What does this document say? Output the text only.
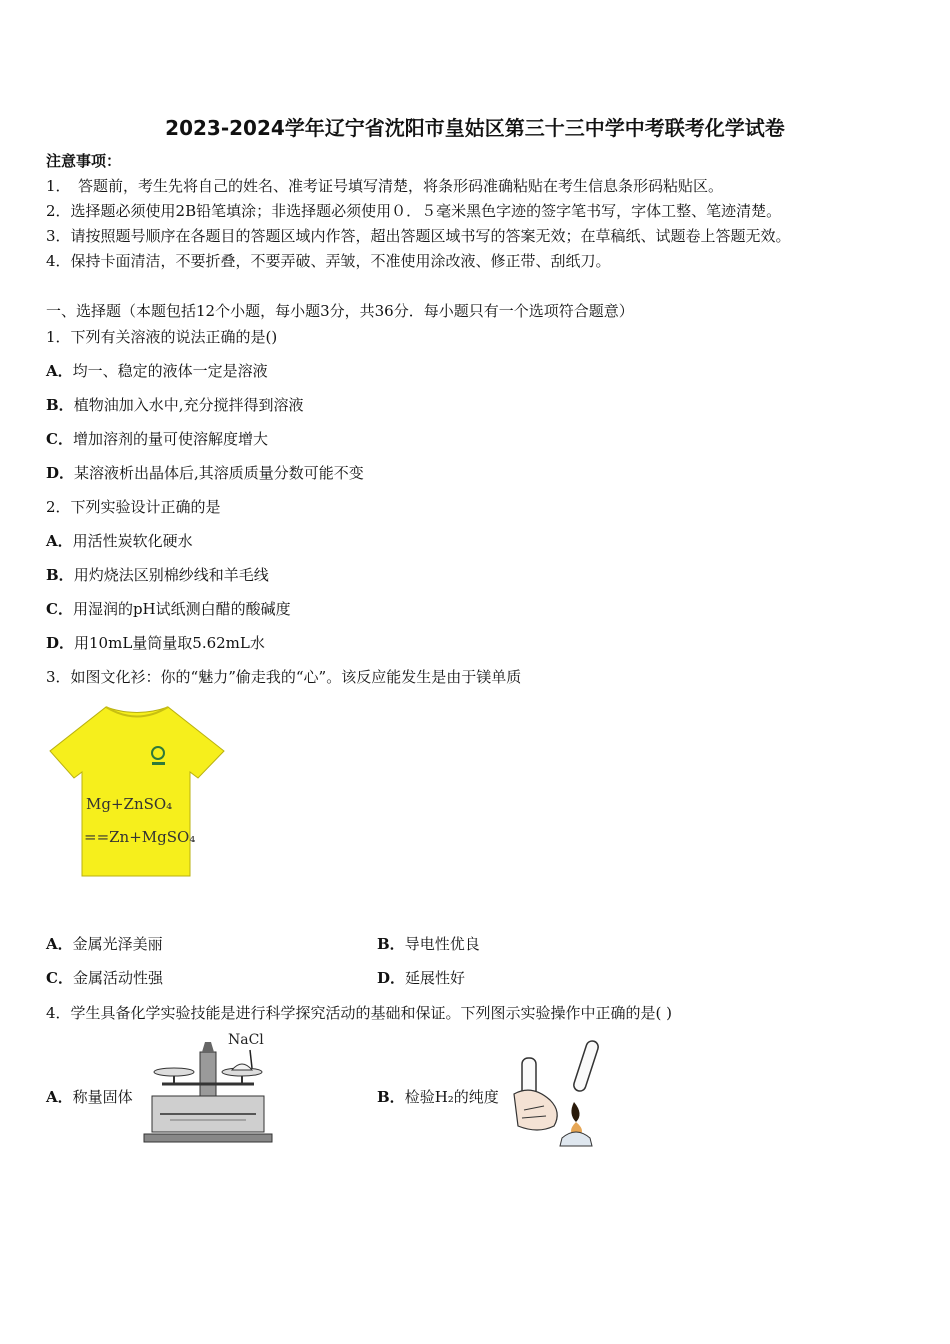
2023-2024学年辽宁省沈阳市皇姑区第三十三中学中考联考化学试卷
注意事项：
1．　答题前，考生先将自己的姓名、准考证号填写清楚，将条形码准确粘贴在考生信息条形码粘贴区。
2．选择题必须使用2B铅笔填涂；非选择题必须使用０．５毫米黑色字迹的签字笔书写，字体工整、笔迹清楚。
3．请按照题号顺序在各题目的答题区域内作答，超出答题区域书写的答案无效；在草稿纸、试题卷上答题无效。
4．保持卡面清洁，不要折叠，不要弄破、弄皱，不准使用涂改液、修正带、刮纸刀。
一、选择题（本题包括12个小题，每小题3分，共36分．每小题只有一个选项符合题意）
1．下列有关溶液的说法正确的是()
A．均一、稳定的液体一定是溶液
B．植物油加入水中,充分搅拌得到溶液
C．增加溶剂的量可使溶解度增大
D．某溶液析出晶体后,其溶质质量分数可能不变
2．下列实验设计正确的是
A．用活性炭软化硬水
B．用灼烧法区别棉纱线和羊毛线
C．用湿润的pH试纸测白醋的酸碱度
D．用10mL量筒量取5.62mL水
3．如图文化衫：你的“魅力”偷走我的“心”。该反应能发生是由于镁单质
Mg+ZnSO₄
==Zn+MgSO₄
A．金属光泽美丽	B．导电性优良
C．金属活动性强	D．延展性好
4．学生具备化学实验技能是进行科学探究活动的基础和保证。下列图示实验操作中正确的是( )
A．称量固体
NaCl
B．检验H₂的纯度
